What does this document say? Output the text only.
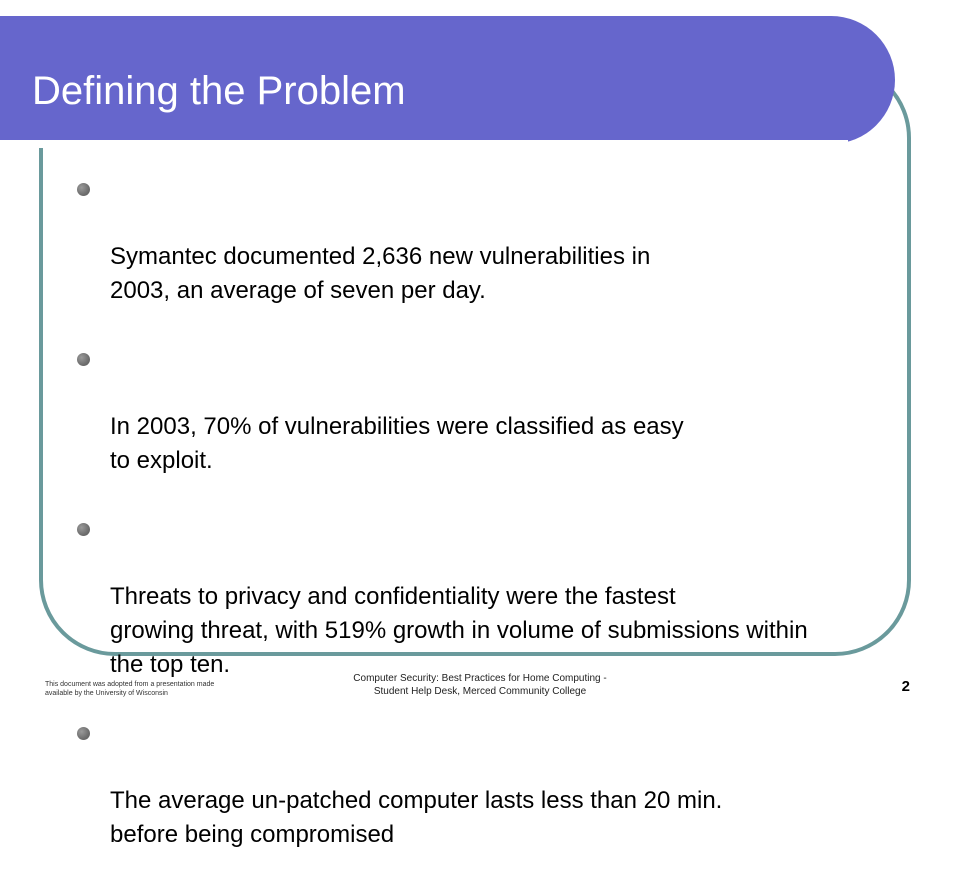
Defining the Problem

Symantec documented 2,636 new vulnerabilities in
2003, an average of seven per day.

In 2003, 70% of vulnerabilities were classified as easy
to exploit.

Threats to privacy and confidentiality were the fastest
growing threat, with 519% growth in volume of submissions within
the top ten.

The average un-patched computer lasts less than 20 min.
before being compromised

This document was adopted from a presentation made
available by the University of Wisconsin
Computer Security: Best Practices for Home Computing -
Student Help Desk, Merced Community College	2
